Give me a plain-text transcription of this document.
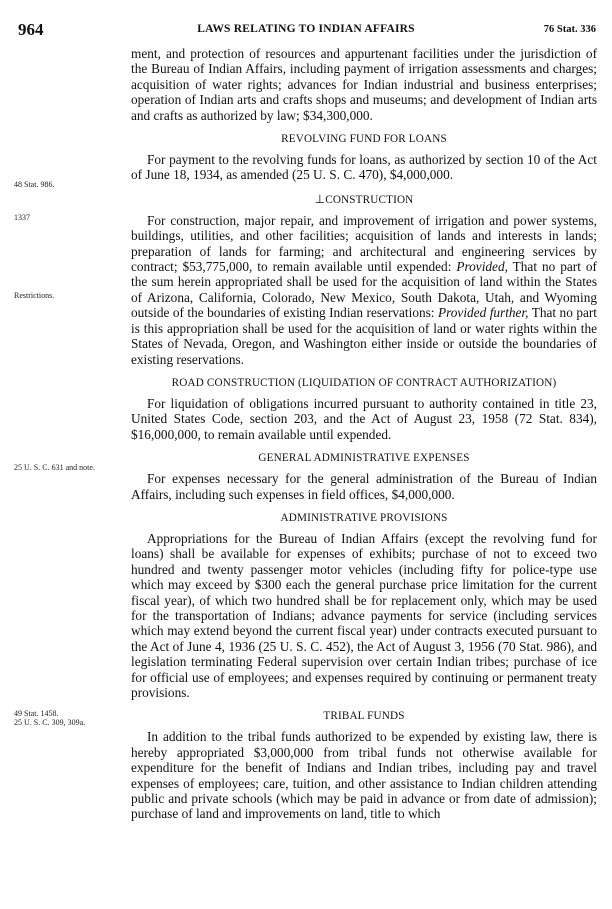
964	LAWS RELATING TO INDIAN AFFAIRS	76 Stat. 336
48 Stat. 986.
1337
Restrictions.
25 U. S. C. 631 and note.
49 Stat. 1458.
25 U. S. C. 309, 309a.

ment, and protection of resources and appurtenant facilities under the jurisdiction of the Bureau of Indian Affairs, including payment of irrigation assessments and charges; acquisition of water rights; advances for Indian industrial and business enterprises; operation of Indian arts and crafts shops and museums; and development of Indian arts and crafts as authorized by law; $34,300,000.

REVOLVING FUND FOR LOANS

For payment to the revolving funds for loans, as authorized by section 10 of the Act of June 18, 1934, as amended (25 U. S. C. 470), $4,000,000.

⊥CONSTRUCTION

For construction, major repair, and improvement of irrigation and power systems, buildings, utilities, and other facilities; acquisition of lands and interests in lands; preparation of lands for farming; and architectural and engineering services by contract; $53,775,000, to remain available until expended: Provided, That no part of the sum herein appropriated shall be used for the acquisition of land within the States of Arizona, California, Colorado, New Mexico, South Dakota, Utah, and Wyoming outside of the boundaries of existing Indian reservations: Provided further, That no part is this appropriation shall be used for the acquisition of land or water rights within the States of Nevada, Oregon, and Washington either inside or outside the boundaries of existing reservations.

ROAD CONSTRUCTION (LIQUIDATION OF CONTRACT AUTHORIZATION)

For liquidation of obligations incurred pursuant to authority contained in title 23, United States Code, section 203, and the Act of August 23, 1958 (72 Stat. 834), $16,000,000, to remain available until expended.

GENERAL ADMINISTRATIVE EXPENSES

For expenses necessary for the general administration of the Bureau of Indian Affairs, including such expenses in field offices, $4,000,000.

ADMINISTRATIVE PROVISIONS

Appropriations for the Bureau of Indian Affairs (except the revolving fund for loans) shall be available for expenses of exhibits; purchase of not to exceed two hundred and twenty passenger motor vehicles (including fifty for police-type use which may exceed by $300 each the general purchase price limitation for the current fiscal year), of which two hundred shall be for replacement only, which may be used for the transportation of Indians; advance payments for service (including services which may extend beyond the current fiscal year) under contracts executed pursuant to the Act of June 4, 1936 (25 U. S. C. 452), the Act of August 3, 1956 (70 Stat. 986), and legislation terminating Federal supervision over certain Indian tribes; purchase of ice for official use of employees; and expenses required by continuing or permanent treaty provisions.

TRIBAL FUNDS

In addition to the tribal funds authorized to be expended by existing law, there is hereby appropriated $3,000,000 from tribal funds not otherwise available for expenditure for the benefit of Indians and Indian tribes, including pay and travel expenses of employees; care, tuition, and other assistance to Indian children attending public and private schools (which may be paid in advance or from date of admission); purchase of land and improvements on land, title to which
